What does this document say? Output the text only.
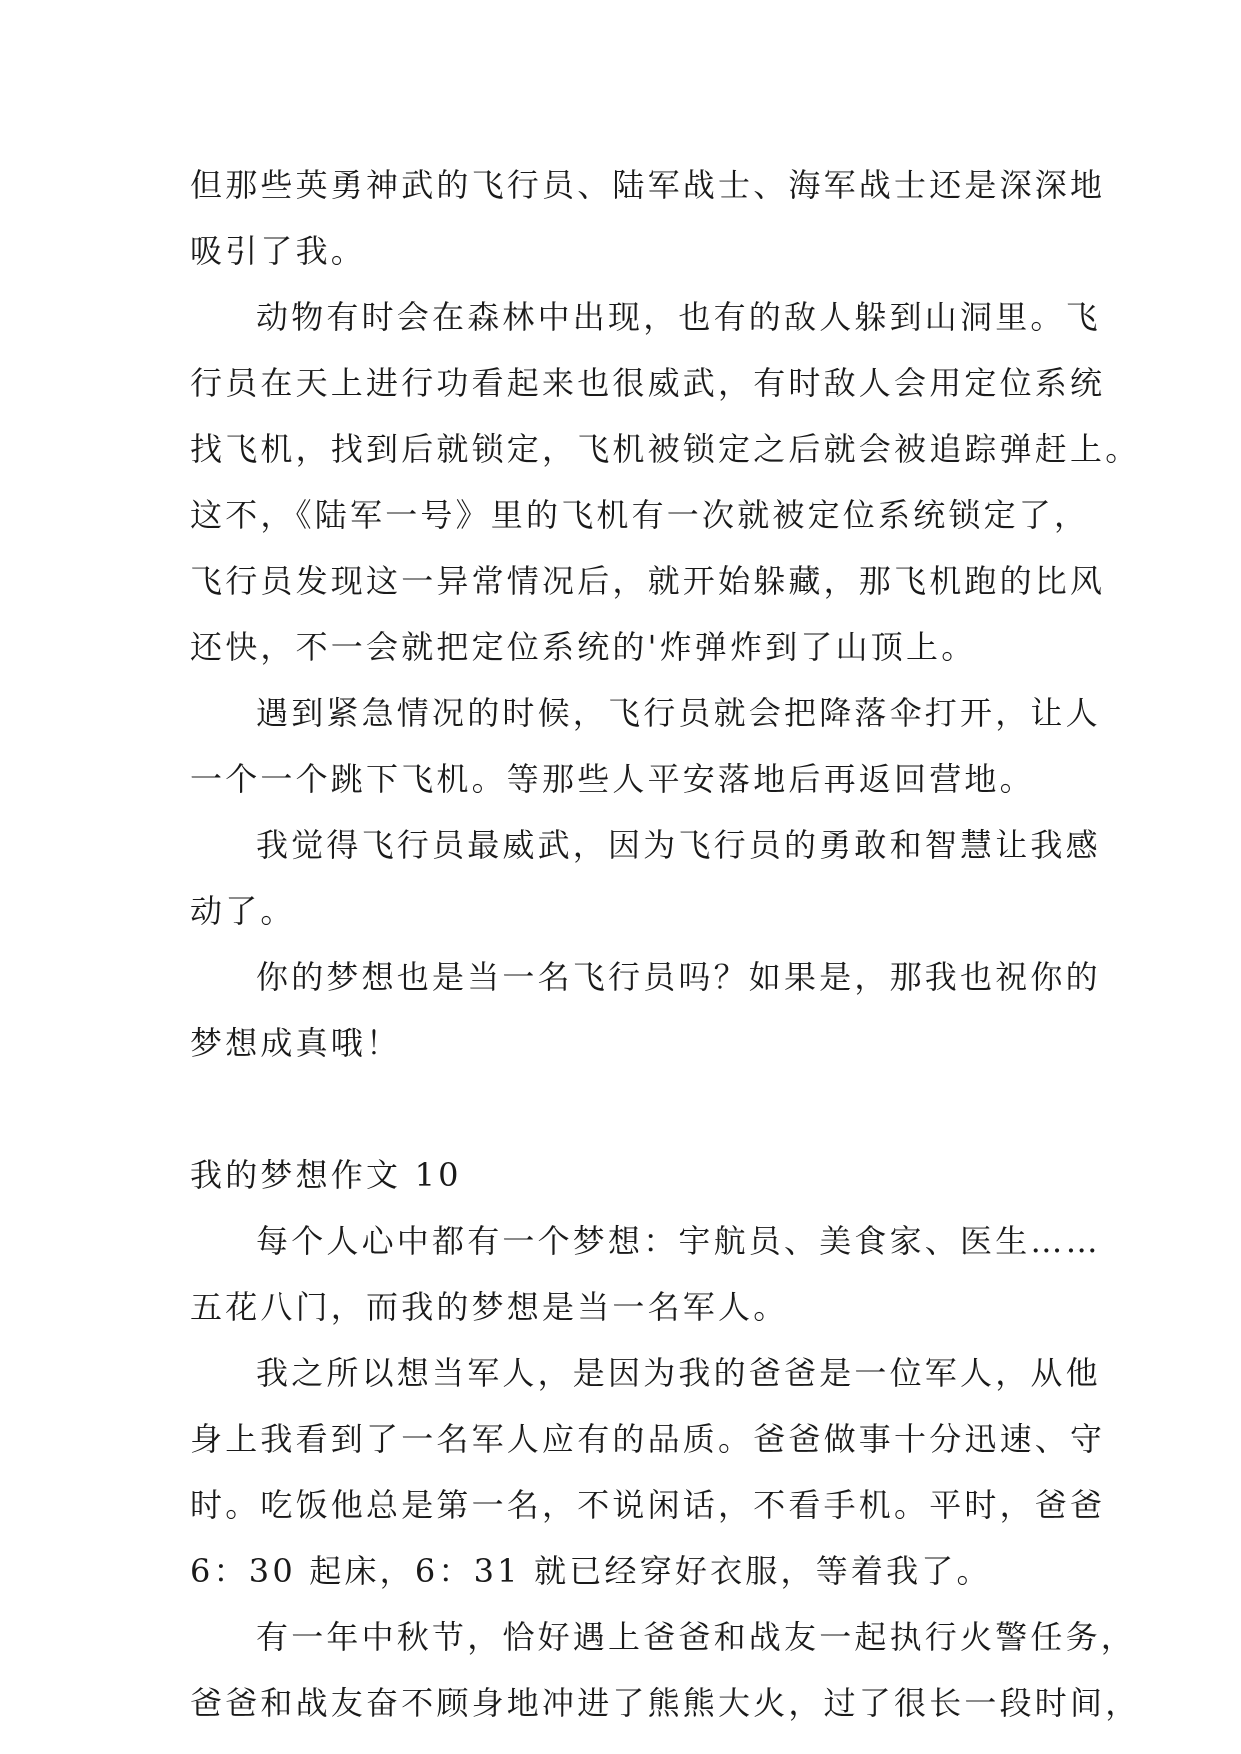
但那些英勇神武的飞行员、陆军战士、海军战士还是深深地
吸引了我。
动物有时会在森林中出现，也有的敌人躲到山洞里。飞
行员在天上进行功看起来也很威武，有时敌人会用定位系统
找飞机，找到后就锁定，飞机被锁定之后就会被追踪弹赶上。
这不，《陆军一号》里的飞机有一次就被定位系统锁定了，
飞行员发现这一异常情况后，就开始躲藏，那飞机跑的比风
还快，不一会就把定位系统的'炸弹炸到了山顶上。
遇到紧急情况的时候，飞行员就会把降落伞打开，让人
一个一个跳下飞机。等那些人平安落地后再返回营地。
我觉得飞行员最威武，因为飞行员的勇敢和智慧让我感
动了。
你的梦想也是当一名飞行员吗？如果是，那我也祝你的
梦想成真哦！
我的梦想作文 10
每个人心中都有一个梦想：宇航员、美食家、医生……
五花八门，而我的梦想是当一名军人。
我之所以想当军人，是因为我的爸爸是一位军人，从他
身上我看到了一名军人应有的品质。爸爸做事十分迅速、守
时。吃饭他总是第一名，不说闲话，不看手机。平时，爸爸
6：30 起床，6：31 就已经穿好衣服，等着我了。
有一年中秋节，恰好遇上爸爸和战友一起执行火警任务，
爸爸和战友奋不顾身地冲进了熊熊大火，过了很长一段时间，
